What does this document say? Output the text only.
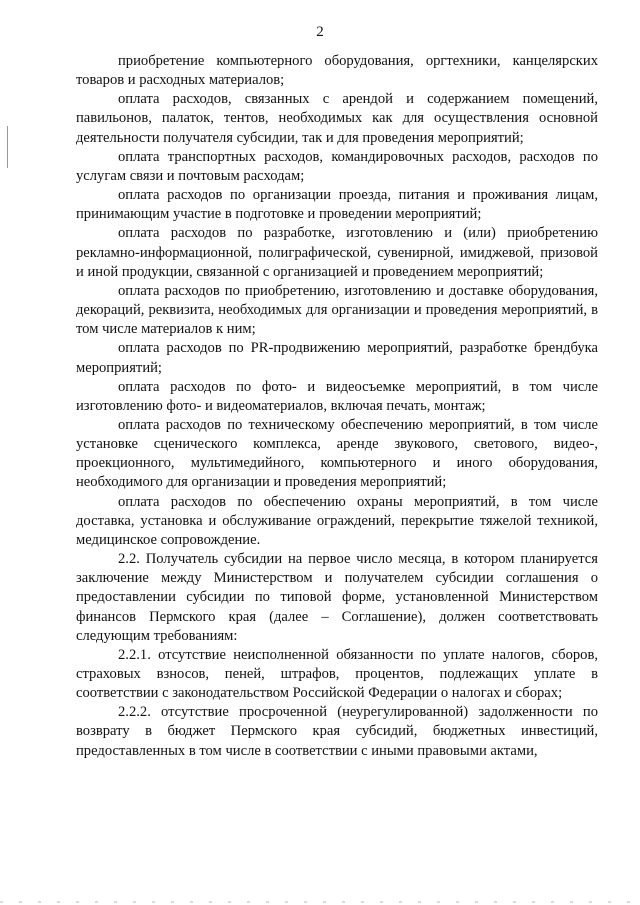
2

приобретение компьютерного оборудования, оргтехники, канцелярских товаров и расходных материалов;

оплата расходов, связанных с арендой и содержанием помещений, павильонов, палаток, тентов, необходимых как для осуществления основной деятельности получателя субсидии, так и для проведения мероприятий;

оплата транспортных расходов, командировочных расходов, расходов по услугам связи и почтовым расходам;

оплата расходов по организации проезда, питания и проживания лицам, принимающим участие в подготовке и проведении мероприятий;

оплата расходов по разработке, изготовлению и (или) приобретению рекламно-информационной, полиграфической, сувенирной, имиджевой, призовой и иной продукции, связанной с организацией и проведением мероприятий;

оплата расходов по приобретению, изготовлению и доставке оборудования, декораций, реквизита, необходимых для организации и проведения мероприятий, в том числе материалов к ним;

оплата расходов по PR-продвижению мероприятий, разработке брендбука мероприятий;

оплата расходов по фото- и видеосъемке мероприятий, в том числе изготовлению фото- и видеоматериалов, включая печать, монтаж;

оплата расходов по техническому обеспечению мероприятий, в том числе установке сценического комплекса, аренде звукового, светового, видео-, проекционного, мультимедийного, компьютерного и иного оборудования, необходимого для организации и проведения мероприятий;

оплата расходов по обеспечению охраны мероприятий, в том числе доставка, установка и обслуживание ограждений, перекрытие тяжелой техникой, медицинское сопровождение.

2.2. Получатель субсидии на первое число месяца, в котором планируется заключение между Министерством и получателем субсидии соглашения о предоставлении субсидии по типовой форме, установленной Министерством финансов Пермского края (далее – Соглашение), должен соответствовать следующим требованиям:

2.2.1. отсутствие неисполненной обязанности по уплате налогов, сборов, страховых взносов, пеней, штрафов, процентов, подлежащих уплате в соответствии с законодательством Российской Федерации о налогах и сборах;

2.2.2. отсутствие просроченной (неурегулированной) задолженности по возврату в бюджет Пермского края субсидий, бюджетных инвестиций, предоставленных в том числе в соответствии с иными правовыми актами,
